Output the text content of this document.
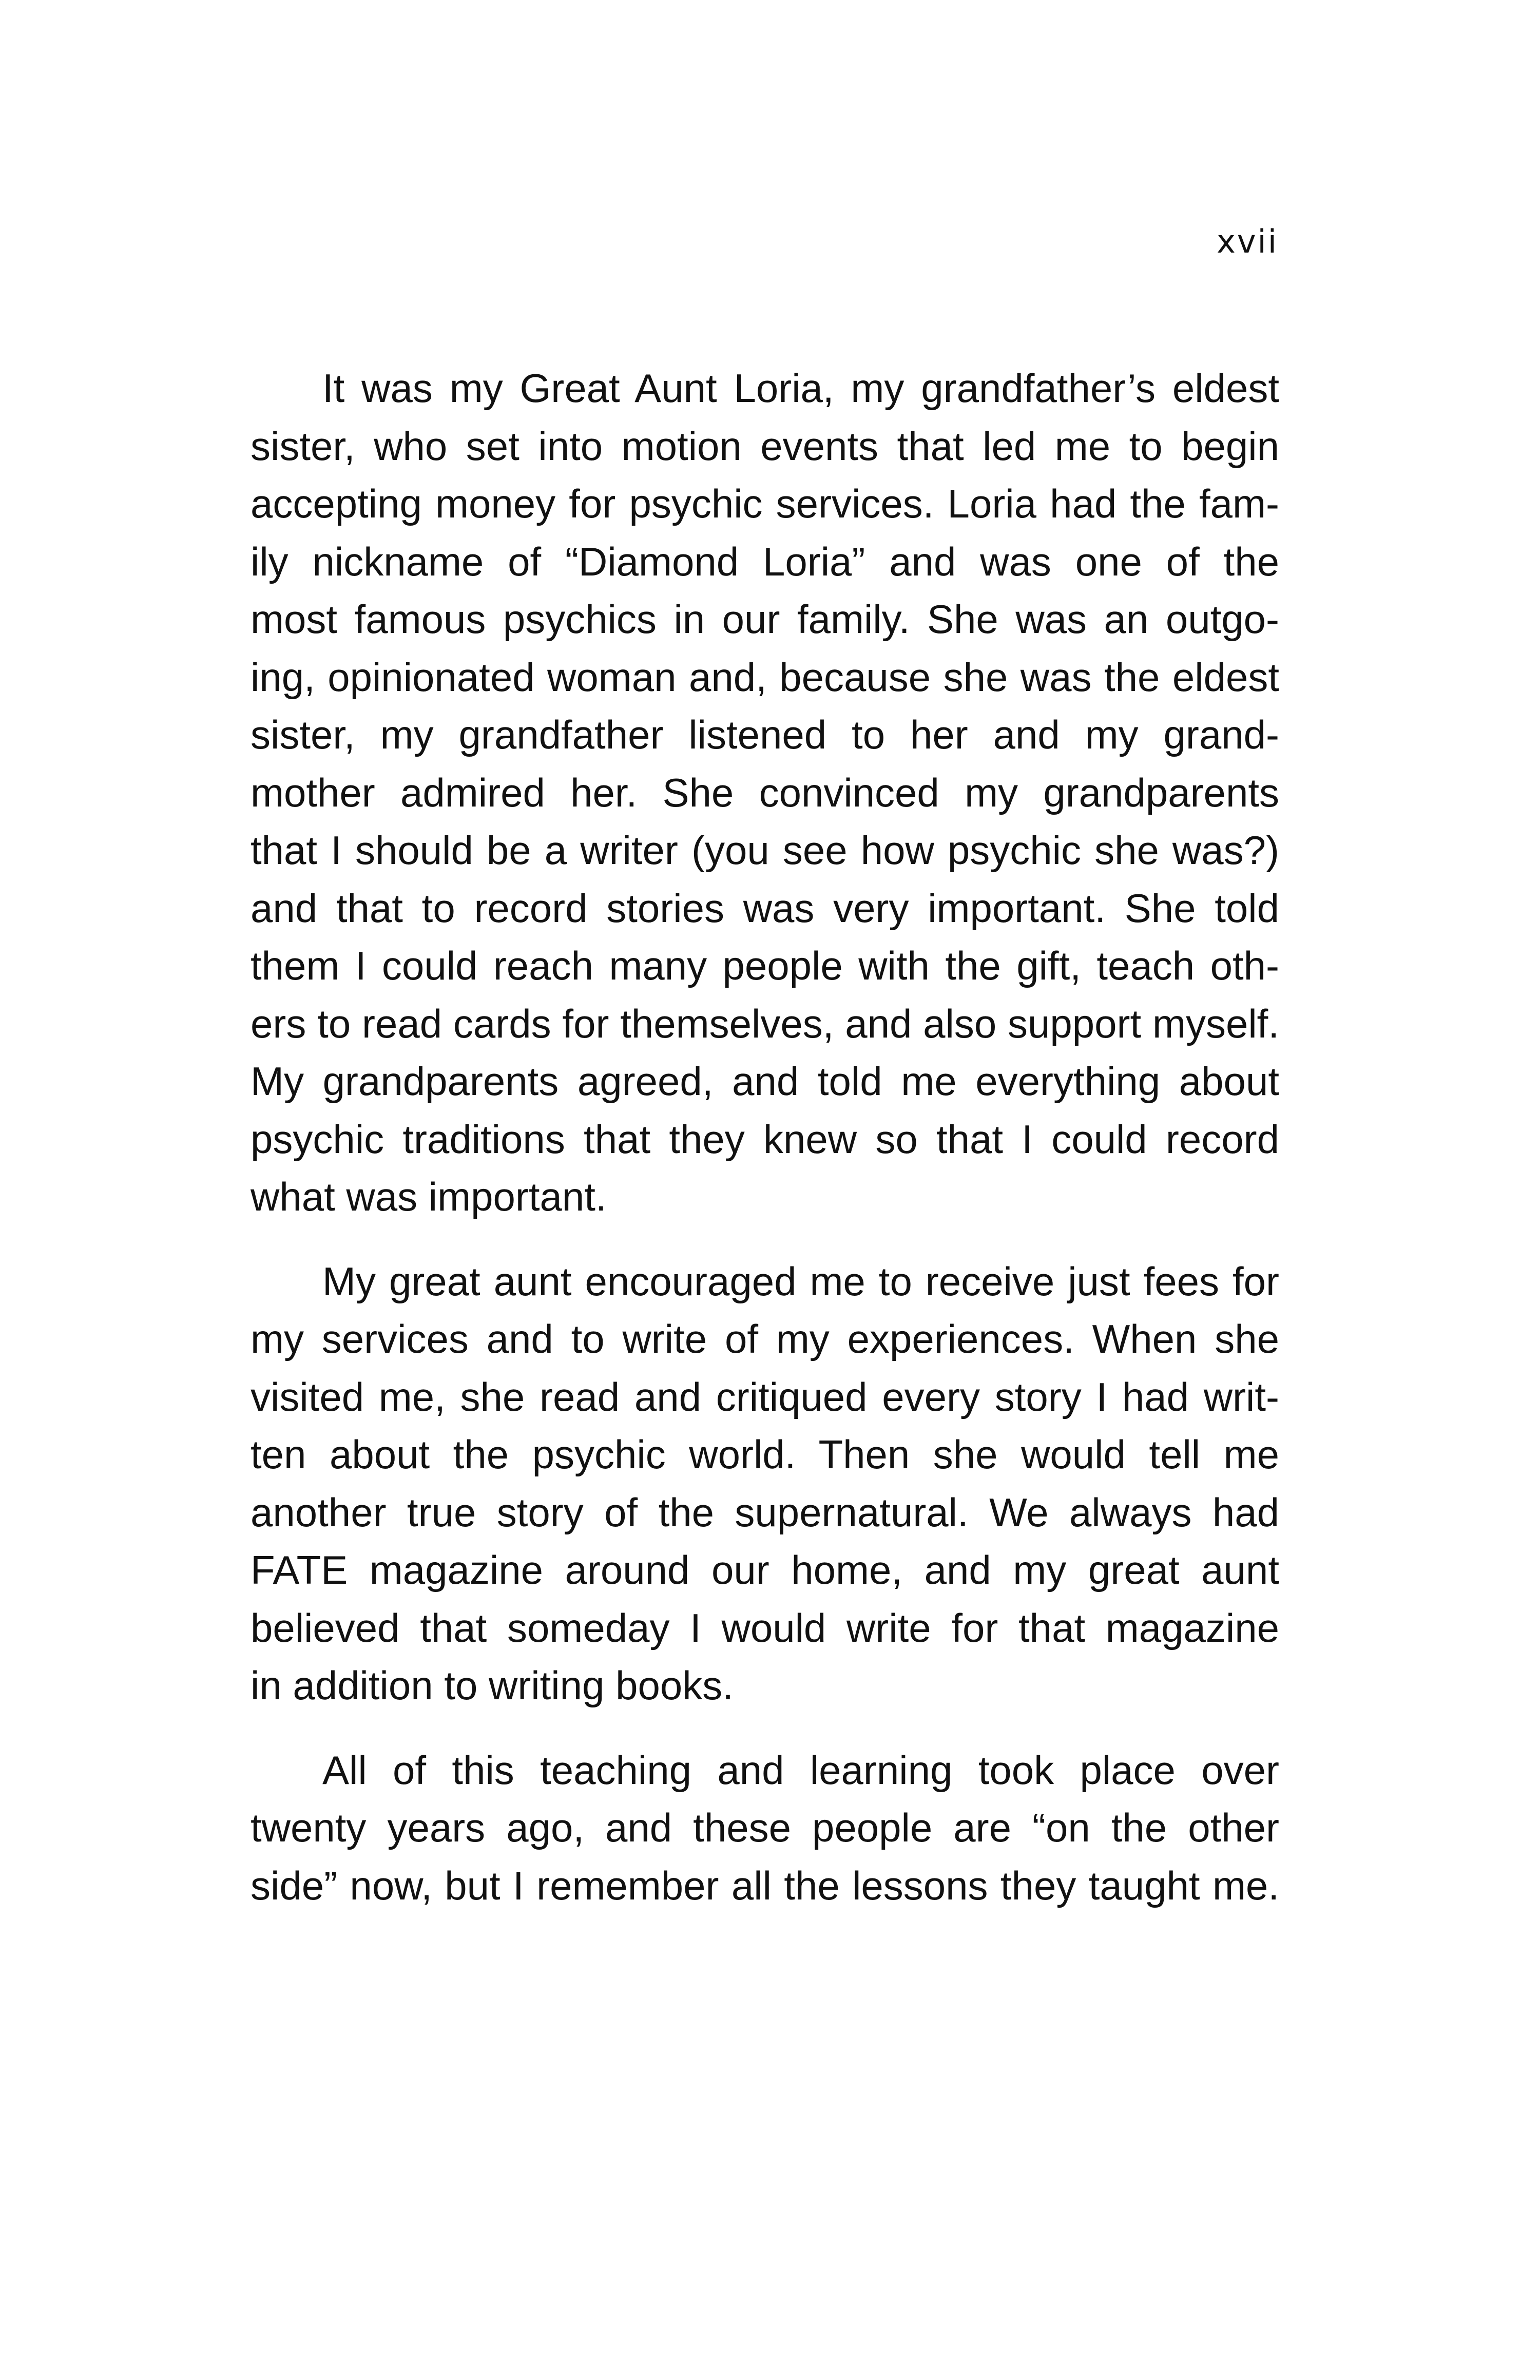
xvii

It was my Great Aunt Loria, my grandfather’s eldest
sister, who set into motion events that led me to begin
accepting money for psychic services. Loria had the fam-
ily nickname of “Diamond Loria” and was one of the
most famous psychics in our family. She was an outgo-
ing, opinionated woman and, because she was the eldest
sister, my grandfather listened to her and my grand-
mother admired her. She convinced my grandparents
that I should be a writer (you see how psychic she was?)
and that to record stories was very important. She told
them I could reach many people with the gift, teach oth-
ers to read cards for themselves, and also support myself.
My grandparents agreed, and told me everything about
psychic traditions that they knew so that I could record
what was important.

My great aunt encouraged me to receive just fees for
my services and to write of my experiences. When she
visited me, she read and critiqued every story I had writ-
ten about the psychic world. Then she would tell me
another true story of the supernatural. We always had
FATE magazine around our home, and my great aunt
believed that someday I would write for that magazine
in addition to writing books.

All of this teaching and learning took place over
twenty years ago, and these people are “on the other
side” now, but I remember all the lessons they taught me.
